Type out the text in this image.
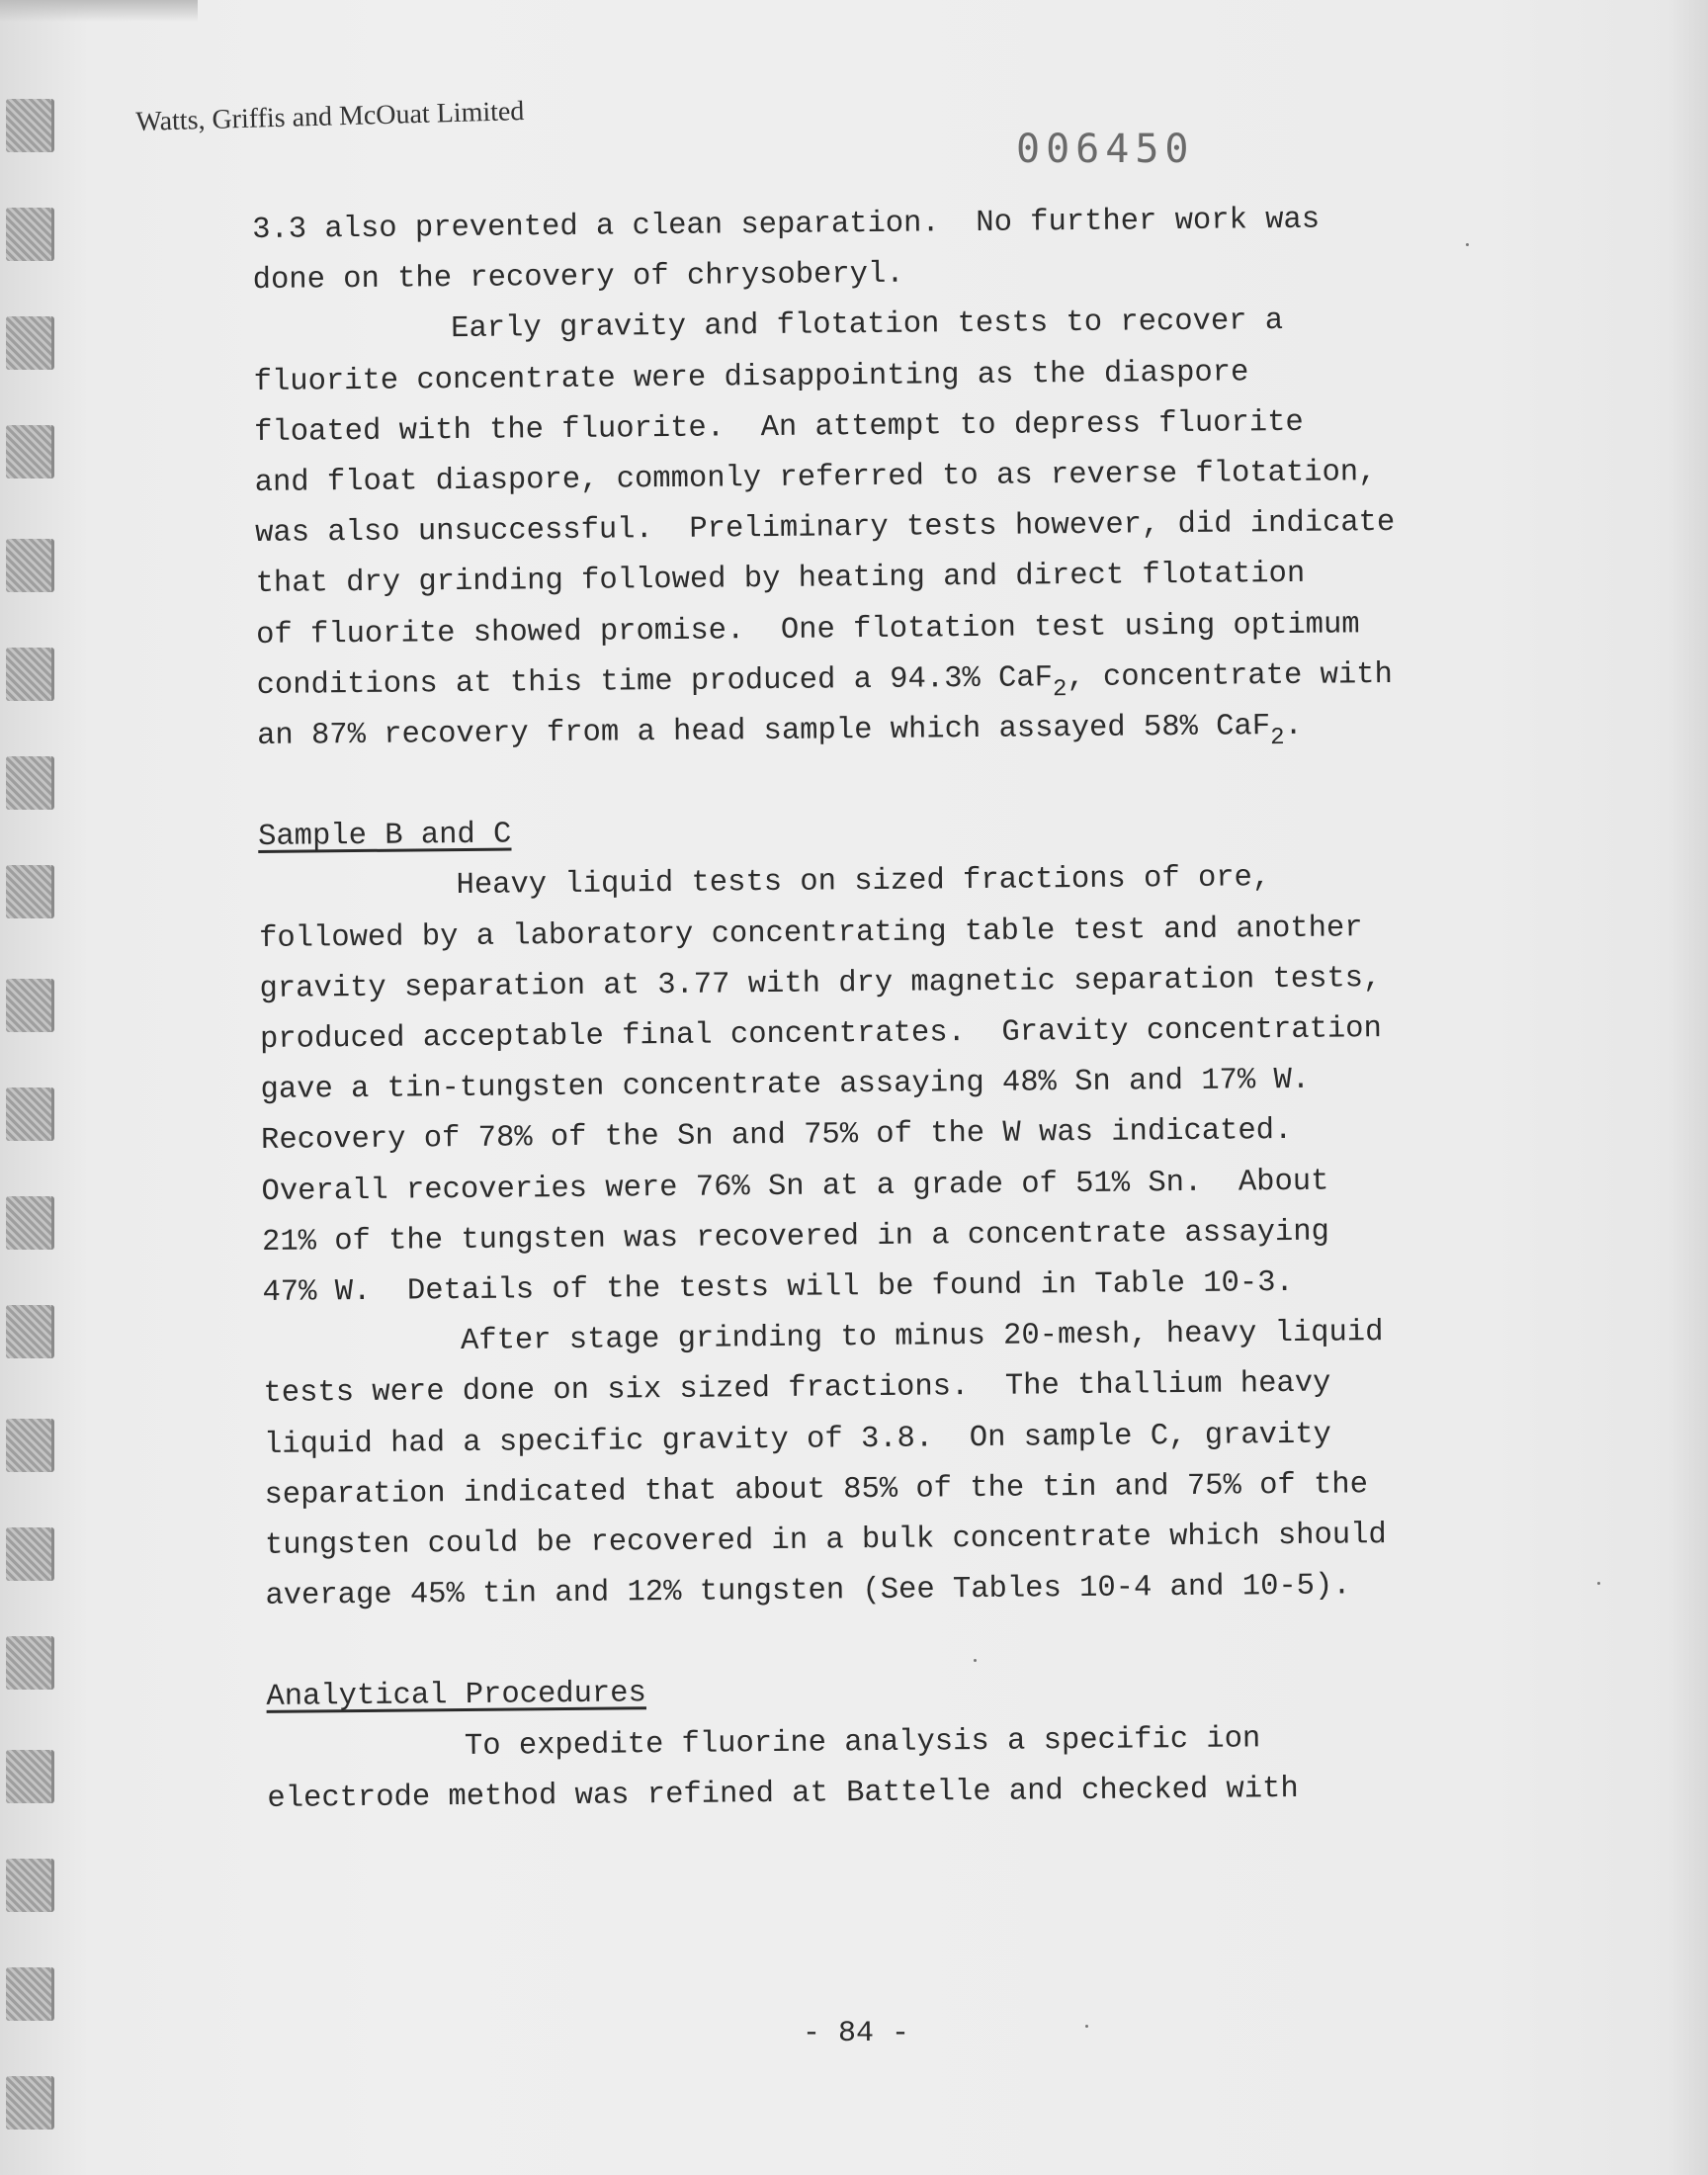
Watts, Griffis and McOuat Limited
006450
3.3 also prevented a clean separation.  No further work was
done on the recovery of chrysoberyl.
Early gravity and flotation tests to recover a
fluorite concentrate were disappointing as the diaspore
floated with the fluorite.  An attempt to depress fluorite
and float diaspore, commonly referred to as reverse flotation,
was also unsuccessful.  Preliminary tests however, did indicate
that dry grinding followed by heating and direct flotation
of fluorite showed promise.  One flotation test using optimum
conditions at this time produced a 94.3% CaF$_2$, concentrate with
an 87% recovery from a head sample which assayed 58% CaF$_2$.
Sample B and C
Heavy liquid tests on sized fractions of ore,
followed by a laboratory concentrating table test and another
gravity separation at 3.77 with dry magnetic separation tests,
produced acceptable final concentrates.  Gravity concentration
gave a tin-tungsten concentrate assaying 48% Sn and 17% W.
Recovery of 78% of the Sn and 75% of the W was indicated.
Overall recoveries were 76% Sn at a grade of 51% Sn.  About
21% of the tungsten was recovered in a concentrate assaying
47% W.  Details of the tests will be found in Table 10-3.
After stage grinding to minus 20-mesh, heavy liquid
tests were done on six sized fractions.  The thallium heavy
liquid had a specific gravity of 3.8.  On sample C, gravity
separation indicated that about 85% of the tin and 75% of the
tungsten could be recovered in a bulk concentrate which should
average 45% tin and 12% tungsten (See Tables 10-4 and 10-5).
Analytical Procedures
To expedite fluorine analysis a specific ion
electrode method was refined at Battelle and checked with
- 84 -
